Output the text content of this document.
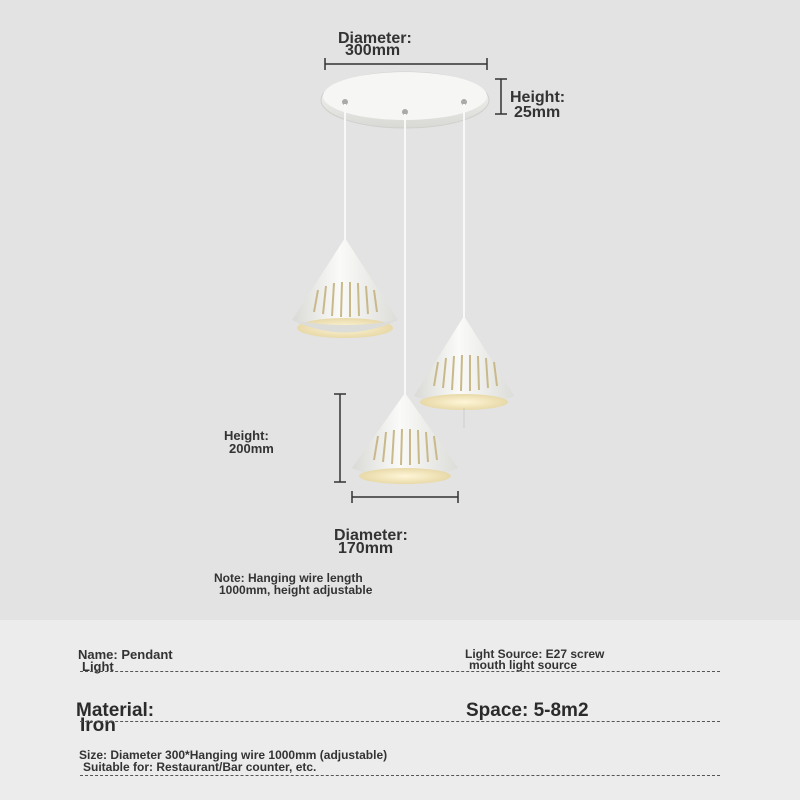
Diameter:
300mm
Height:
25mm
Height:
200mm
Diameter:
170mm
Note: Hanging wire length
1000mm, height adjustable
Name: Pendant
Light
Light Source: E27 screw
mouth light source
Material:
Iron
Space: 5-8m2
Size: Diameter 300*Hanging wire 1000mm (adjustable)
Suitable for: Restaurant/Bar counter, etc.
